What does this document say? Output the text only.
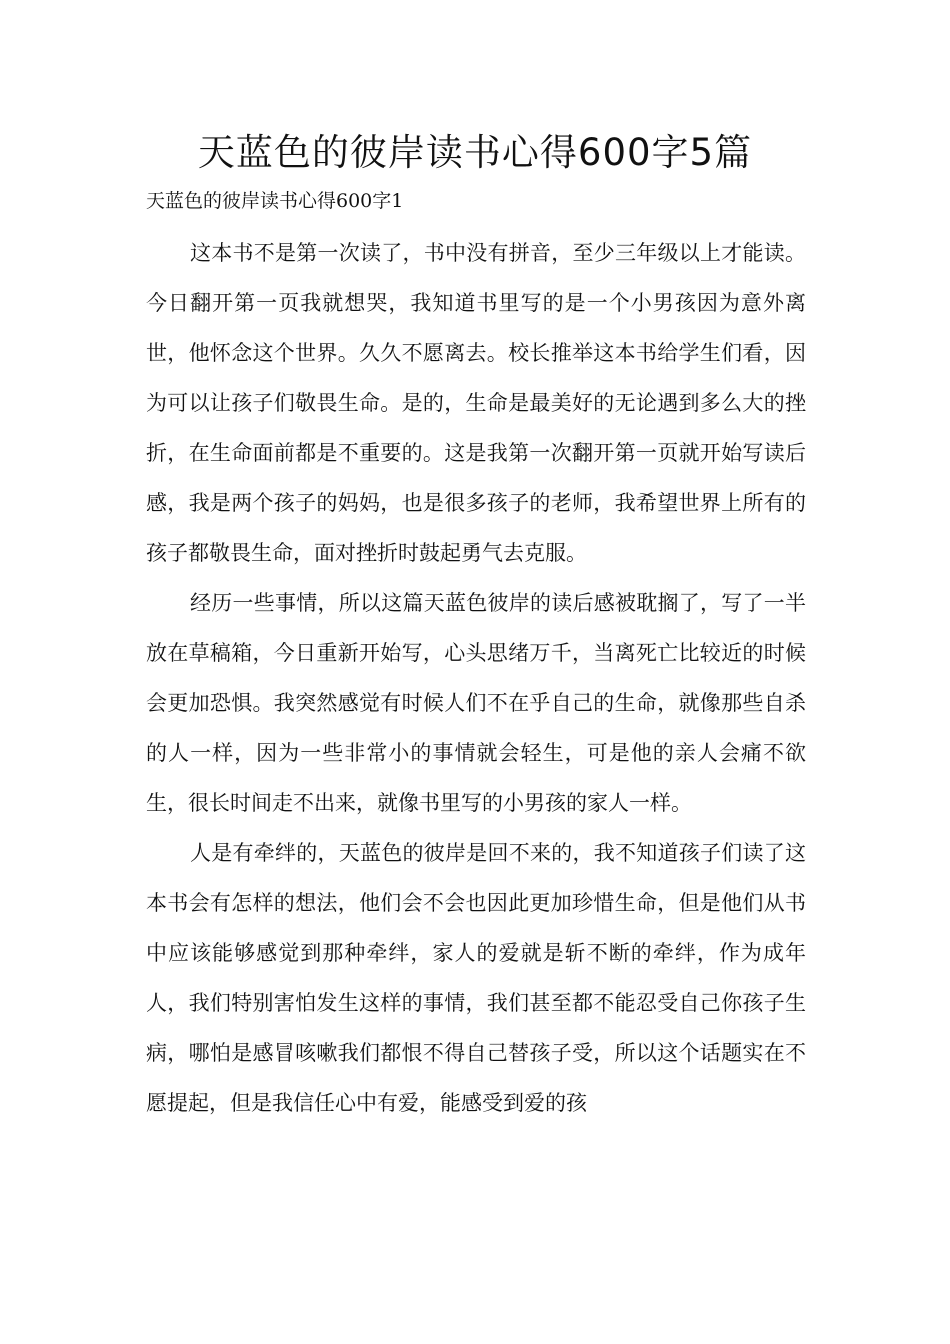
天蓝色的彼岸读书心得600字5篇
天蓝色的彼岸读书心得600字1

这本书不是第一次读了，书中没有拼音，至少三年级以上才能读。今日翻开第一页我就想哭，我知道书里写的是一个小男孩因为意外离世，他怀念这个世界。久久不愿离去。校长推举这本书给学生们看，因为可以让孩子们敬畏生命。是的，生命是最美好的无论遇到多么大的挫折，在生命面前都是不重要的。这是我第一次翻开第一页就开始写读后感，我是两个孩子的妈妈，也是很多孩子的老师，我希望世界上所有的孩子都敬畏生命，面对挫折时鼓起勇气去克服。

经历一些事情，所以这篇天蓝色彼岸的读后感被耽搁了，写了一半放在草稿箱，今日重新开始写，心头思绪万千，当离死亡比较近的时候会更加恐惧。我突然感觉有时候人们不在乎自己的生命，就像那些自杀的人一样，因为一些非常小的事情就会轻生，可是他的亲人会痛不欲生，很长时间走不出来，就像书里写的小男孩的家人一样。

人是有牵绊的，天蓝色的彼岸是回不来的，我不知道孩子们读了这本书会有怎样的想法，他们会不会也因此更加珍惜生命，但是他们从书中应该能够感觉到那种牵绊，家人的爱就是斩不断的牵绊，作为成年人，我们特别害怕发生这样的事情，我们甚至都不能忍受自己你孩子生病，哪怕是感冒咳嗽我们都恨不得自己替孩子受，所以这个话题实在不愿提起，但是我信任心中有爱，能感受到爱的孩
